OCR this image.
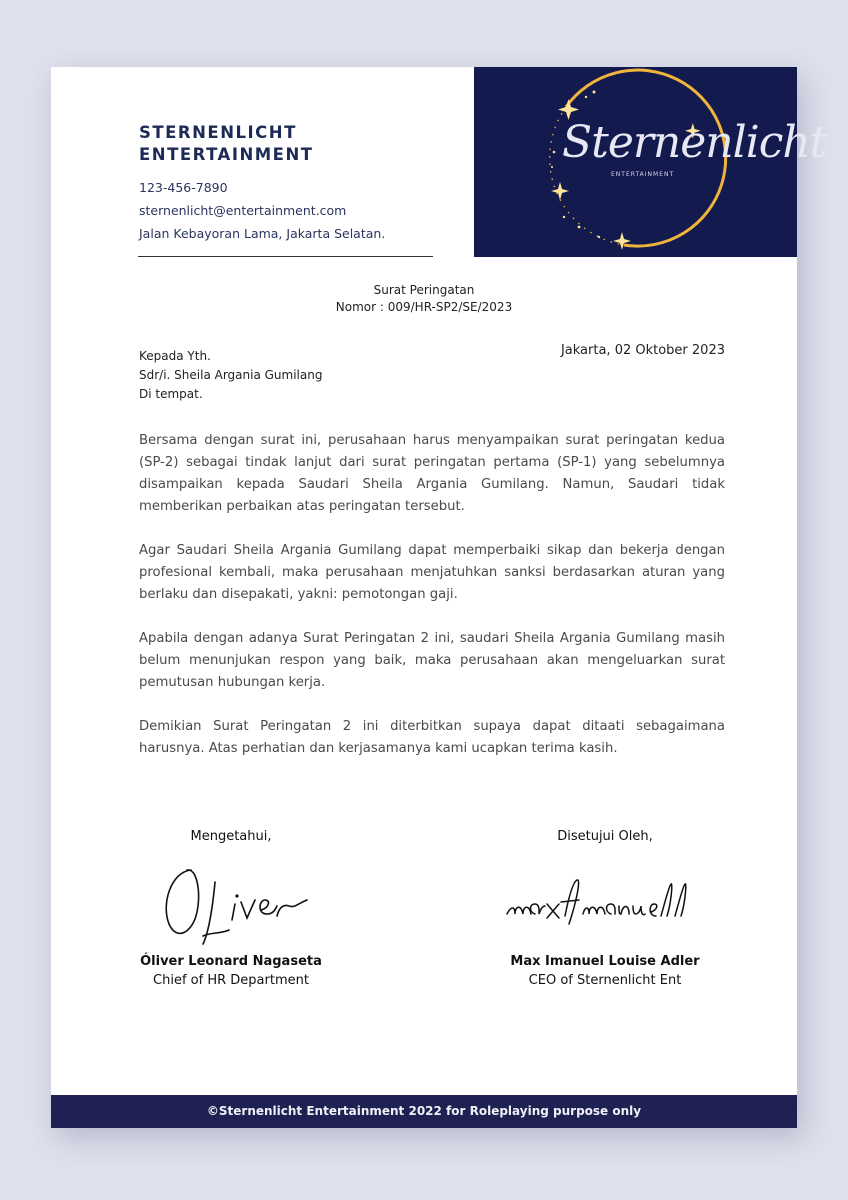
STERNENLICHT
ENTERTAINMENT
123-456-7890
sternenlicht@entertainment.com
Jalan Kebayoran Lama, Jakarta Selatan.
Sternenlicht
ENTERTAINMENT
Surat Peringatan
Nomor : 009/HR-SP2/SE/2023
Kepada Yth.
Sdr/i. Sheila Argania Gumilang
Di tempat.
Jakarta, 02 Oktober 2023

Bersama dengan surat ini, perusahaan harus menyampaikan surat peringatan kedua (SP-2) sebagai tindak lanjut dari surat peringatan pertama (SP-1) yang sebelumnya disampaikan kepada Saudari Sheila Argania Gumilang. Namun, Saudari tidak memberikan perbaikan atas peringatan tersebut.

Agar Saudari Sheila Argania Gumilang dapat memperbaiki sikap dan bekerja dengan profesional kembali, maka perusahaan menjatuhkan sanksi berdasarkan aturan yang berlaku dan disepakati, yakni: pemotongan gaji.

Apabila dengan adanya Surat Peringatan 2 ini, saudari Sheila Argania Gumilang masih belum menunjukan respon yang baik, maka perusahaan akan mengeluarkan surat pemutusan hubungan kerja.

Demikian Surat Peringatan 2 ini diterbitkan supaya dapat ditaati sebagaimana harusnya. Atas perhatian dan kerjasamanya kami ucapkan terima kasih.

Mengetahui,
Óliver Leonard Nagaseta
Chief of HR Department
Disetujui Oleh,
Max Imanuel Louise Adler
CEO of Sternenlicht Ent
©Sternenlicht Entertainment 2022 for Roleplaying purpose only
